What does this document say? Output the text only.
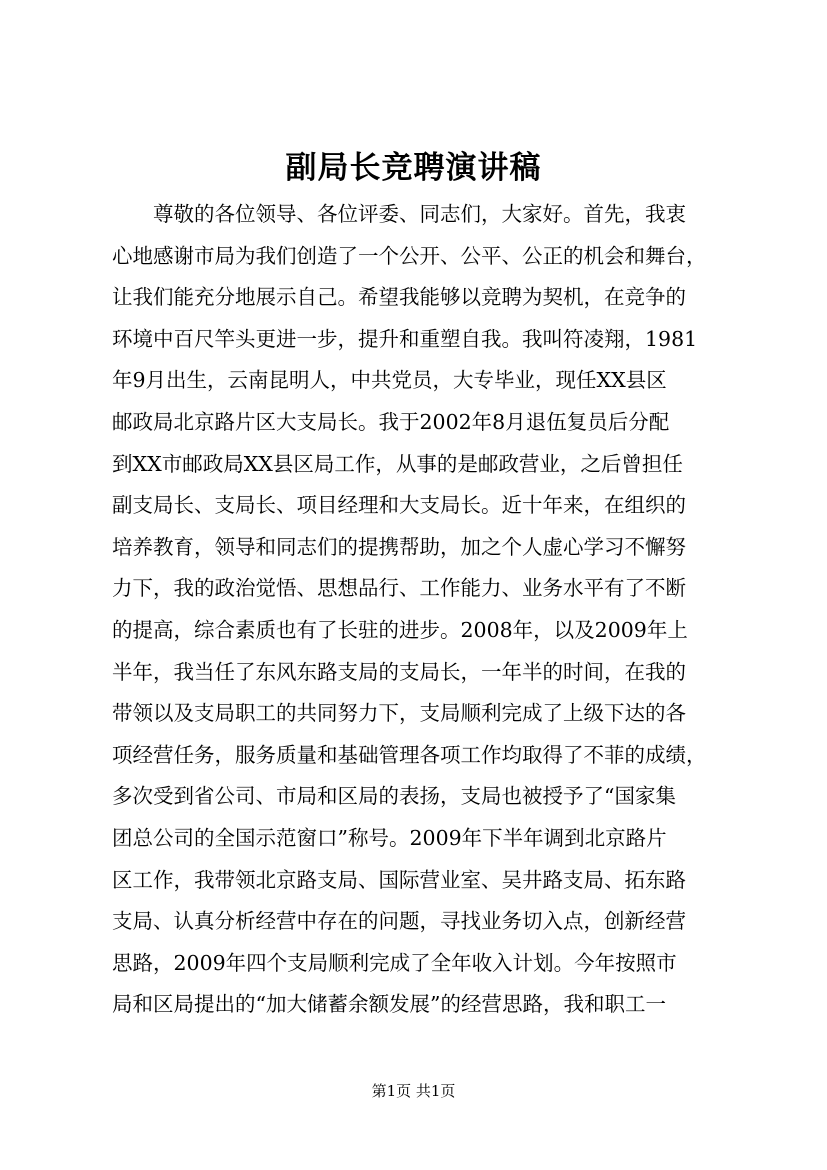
副局长竞聘演讲稿
尊敬的各位领导、各位评委、同志们，大家好。首先，我衷
心地感谢市局为我们创造了一个公开、公平、公正的机会和舞台，
让我们能充分地展示自己。希望我能够以竞聘为契机，在竞争的
环境中百尺竿头更进一步，提升和重塑自我。我叫符凌翔，1981
年9月出生，云南昆明人，中共党员，大专毕业，现任XX县区
邮政局北京路片区大支局长。我于2002年8月退伍复员后分配
到XX市邮政局XX县区局工作，从事的是邮政营业，之后曾担任
副支局长、支局长、项目经理和大支局长。近十年来，在组织的
培养教育，领导和同志们的提携帮助，加之个人虚心学习不懈努
力下，我的政治觉悟、思想品行、工作能力、业务水平有了不断
的提高，综合素质也有了长驻的进步。2008年，以及2009年上
半年，我当任了东风东路支局的支局长，一年半的时间，在我的
带领以及支局职工的共同努力下，支局顺利完成了上级下达的各
项经营任务，服务质量和基础管理各项工作均取得了不菲的成绩，
多次受到省公司、市局和区局的表扬，支局也被授予了“国家集
团总公司的全国示范窗口”称号。2009年下半年调到北京路片
区工作，我带领北京路支局、国际营业室、吴井路支局、拓东路
支局、认真分析经营中存在的问题，寻找业务切入点，创新经营
思路，2009年四个支局顺利完成了全年收入计划。今年按照市
局和区局提出的“加大储蓄余额发展”的经营思路，我和职工一
第1页 共1页
